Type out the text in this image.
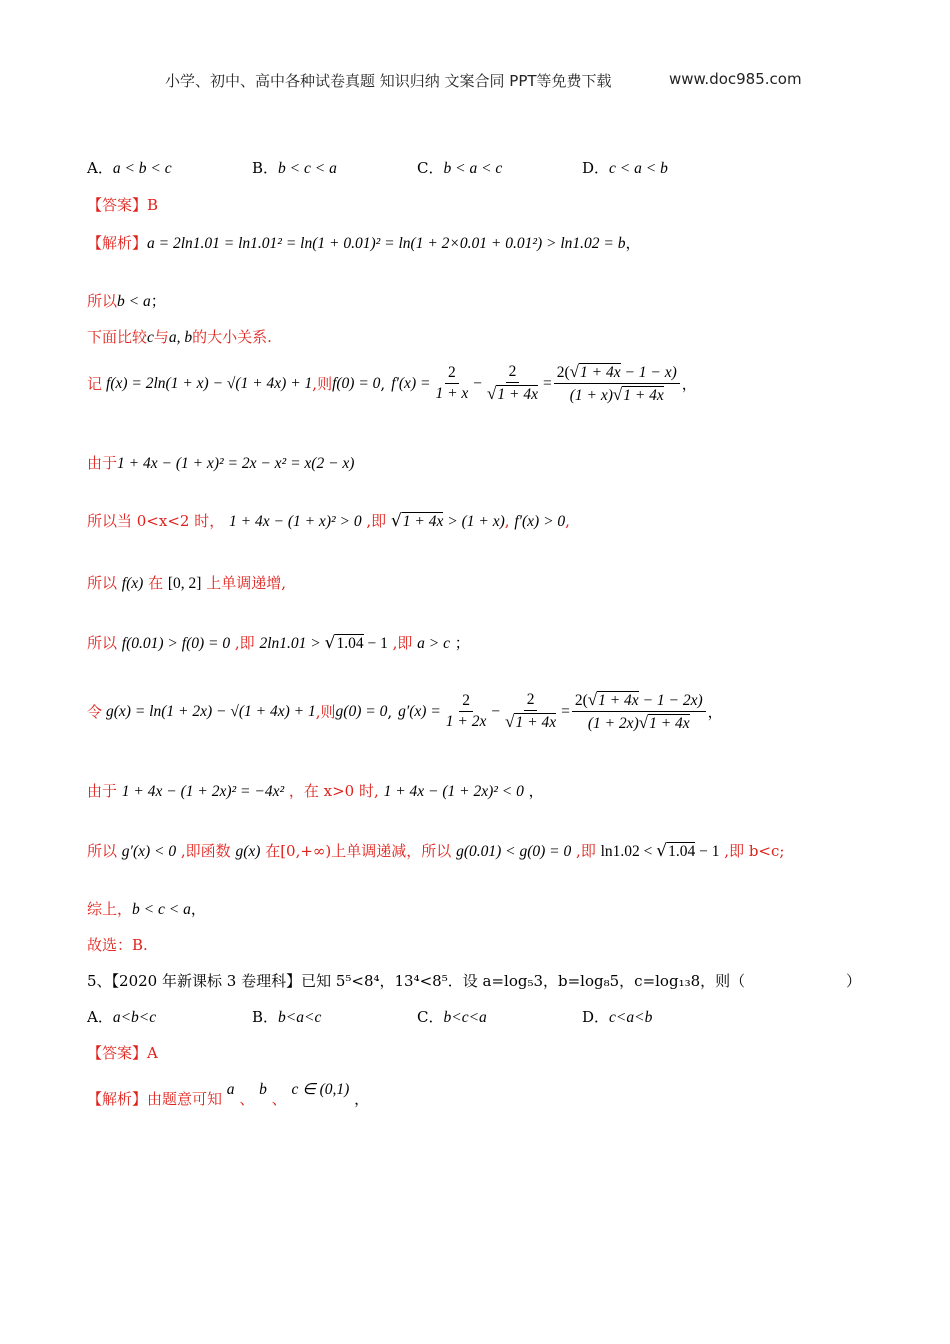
小学、初中、高中各种试卷真题 知识归纳 文案合同 PPT等免费下载	www.doc985.com
A．a < b < c	B．b < c < a	C．b < a < c	D．c < a < b
【答案】B
【解析】a = 2ln1.01 = ln1.01² = ln(1 + 0.01)² = ln(1 + 2×0.01 + 0.01²) > ln1.02 = b，
所以b < a；
下面比较c与a, b的大小关系.
记 f(x) = 2ln(1 + x) − √(1 + 4x) + 1 ,则 f(0) = 0 , $f'(x) = \frac{2}{1 + x} - \frac{2}{√1 + 4x} = \frac{2(√1 + 4x - 1 - x)}{(1 + x)√1 + 4x}$ ，
由于1 + 4x − (1 + x)² = 2x − x² = x(2 − x)
所以当 0<x<2 时， 1 + 4x − (1 + x)² > 0 ,即 √1 + 4x > (1 + x), f′(x) > 0,
所以 f(x) 在 [0, 2] 上单调递增,
所以 f(0.01) > f(0) = 0 ,即 2ln1.01 > √1.04 − 1 ,即 a > c ；
令 g(x) = ln(1 + 2x) − √(1 + 4x) + 1 ,则 g(0) = 0 , $g'(x) = \frac{2}{1 + 2x} - \frac{2}{√1 + 4x} = \frac{2(√1 + 4x - 1 - 2x)}{(1 + 2x)√1 + 4x}$ ，
由于 1 + 4x − (1 + 2x)² = −4x² ，在 x>0 时, 1 + 4x − (1 + 2x)² < 0 ，
所以 g′(x) < 0 ,即函数 g(x) 在[0,+∞)上单调递减，所以 g(0.01) < g(0) = 0 ,即 ln1.02 < √1.04 − 1 ,即 b<c;
综上，b < c < a，
故选：B.
5、【2020 年新课标 3 卷理科】已知 5⁵<8⁴，13⁴<8⁵．设 a=log₅3，b=log₈5，c=log₁₃8，则（	）
A．a<b<c	B．b<a<c	C．b<c<a	D．c<a<b
【答案】A
【解析】由题意可知 a 、 b 、 c ∈ (0,1) ，
